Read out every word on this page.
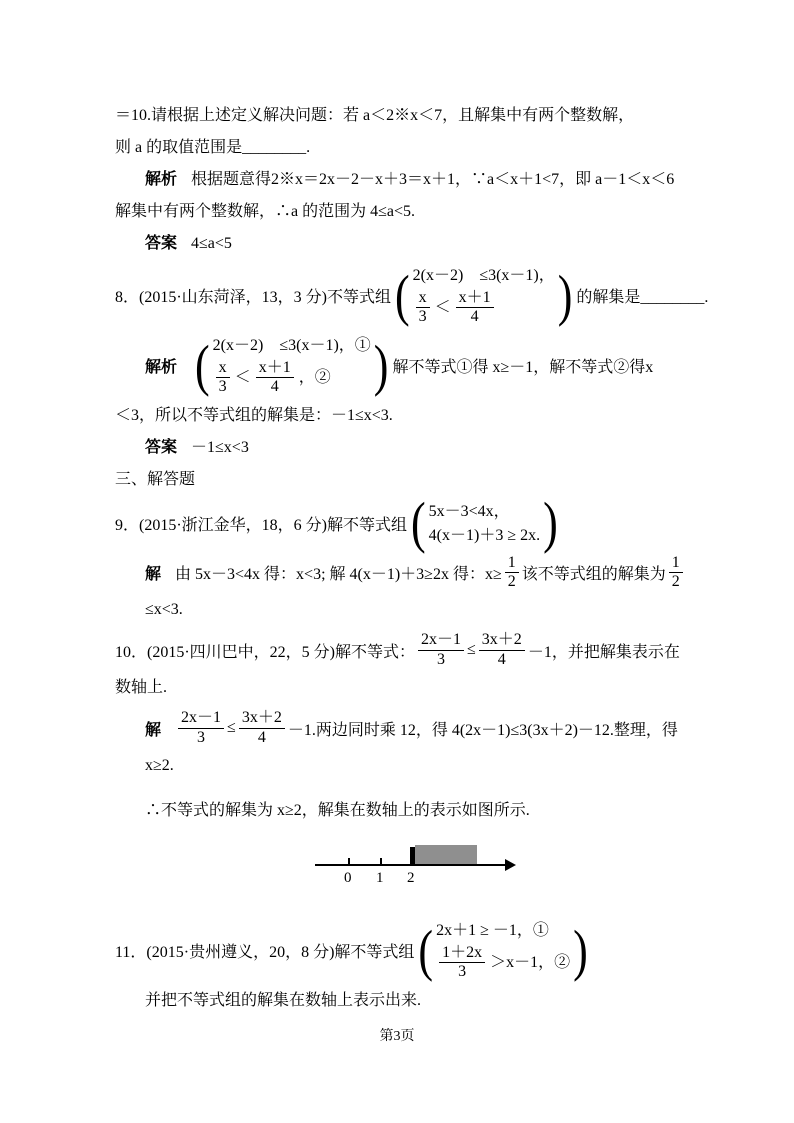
＝10.请根据上述定义解决问题：若 a＜2※x＜7，且解集中有两个整数解，

则 a 的取值范围是________.

解析 根据题意得2※x＝2x－2－x＋3＝x＋1，∵a＜x＋1<7，即 a－1＜x＜6

解集中有两个整数解，∴a 的范围为 4≤a<5.

答案 4≤a<5

8．(2015·山东菏泽，13，3 分)不等式组 ( 2(x－2)　≤3(x－1)，
$\frac{x}{3} < \frac{x+1}{4}$ ) 的解集是________.
解析 ( 2(x－2)　≤3(x－1)，①
$\frac{x}{3} < \frac{x+1}{4}$ ，② ) 解不等式①得 x≥－1，解不等式②得x

＜3，所以不等式组的解集是：－1≤x<3.

答案 －1≤x<3

三、解答题

9．(2015·浙江金华，18，6 分)解不等式组 ( 5x－3<4x，
4(x－1)＋3 ≥ 2x. )
解 由 5x－3<4x 得：x<3; 解 4(x－1)＋3≥2x 得：$x\ge \frac{1}{2}$ 该不等式组的解集为 $\frac{1}{2}$

≤x<3.

10．(2015·四川巴中，22，5 分)解不等式： $\frac{2x-1}{3} \le \frac{3x+2}{4} -1$，并把解集表示在

数轴上.

解 $\frac{2x-1}{3} \le \frac{3x+2}{4} -1$.两边同时乘 12，得 4(2x－1)≤3(3x＋2)－12.整理，得

x≥2.

∴不等式的解集为 x≥2，解集在数轴上的表示如图所示.

0 1 2
11．(2015·贵州遵义，20，8 分)解不等式组 ( 2x＋1 ≥ －1，①
$\frac{1+2x}{3} >x-1$，② )

并把不等式组的解集在数轴上表示出来.

第3页
